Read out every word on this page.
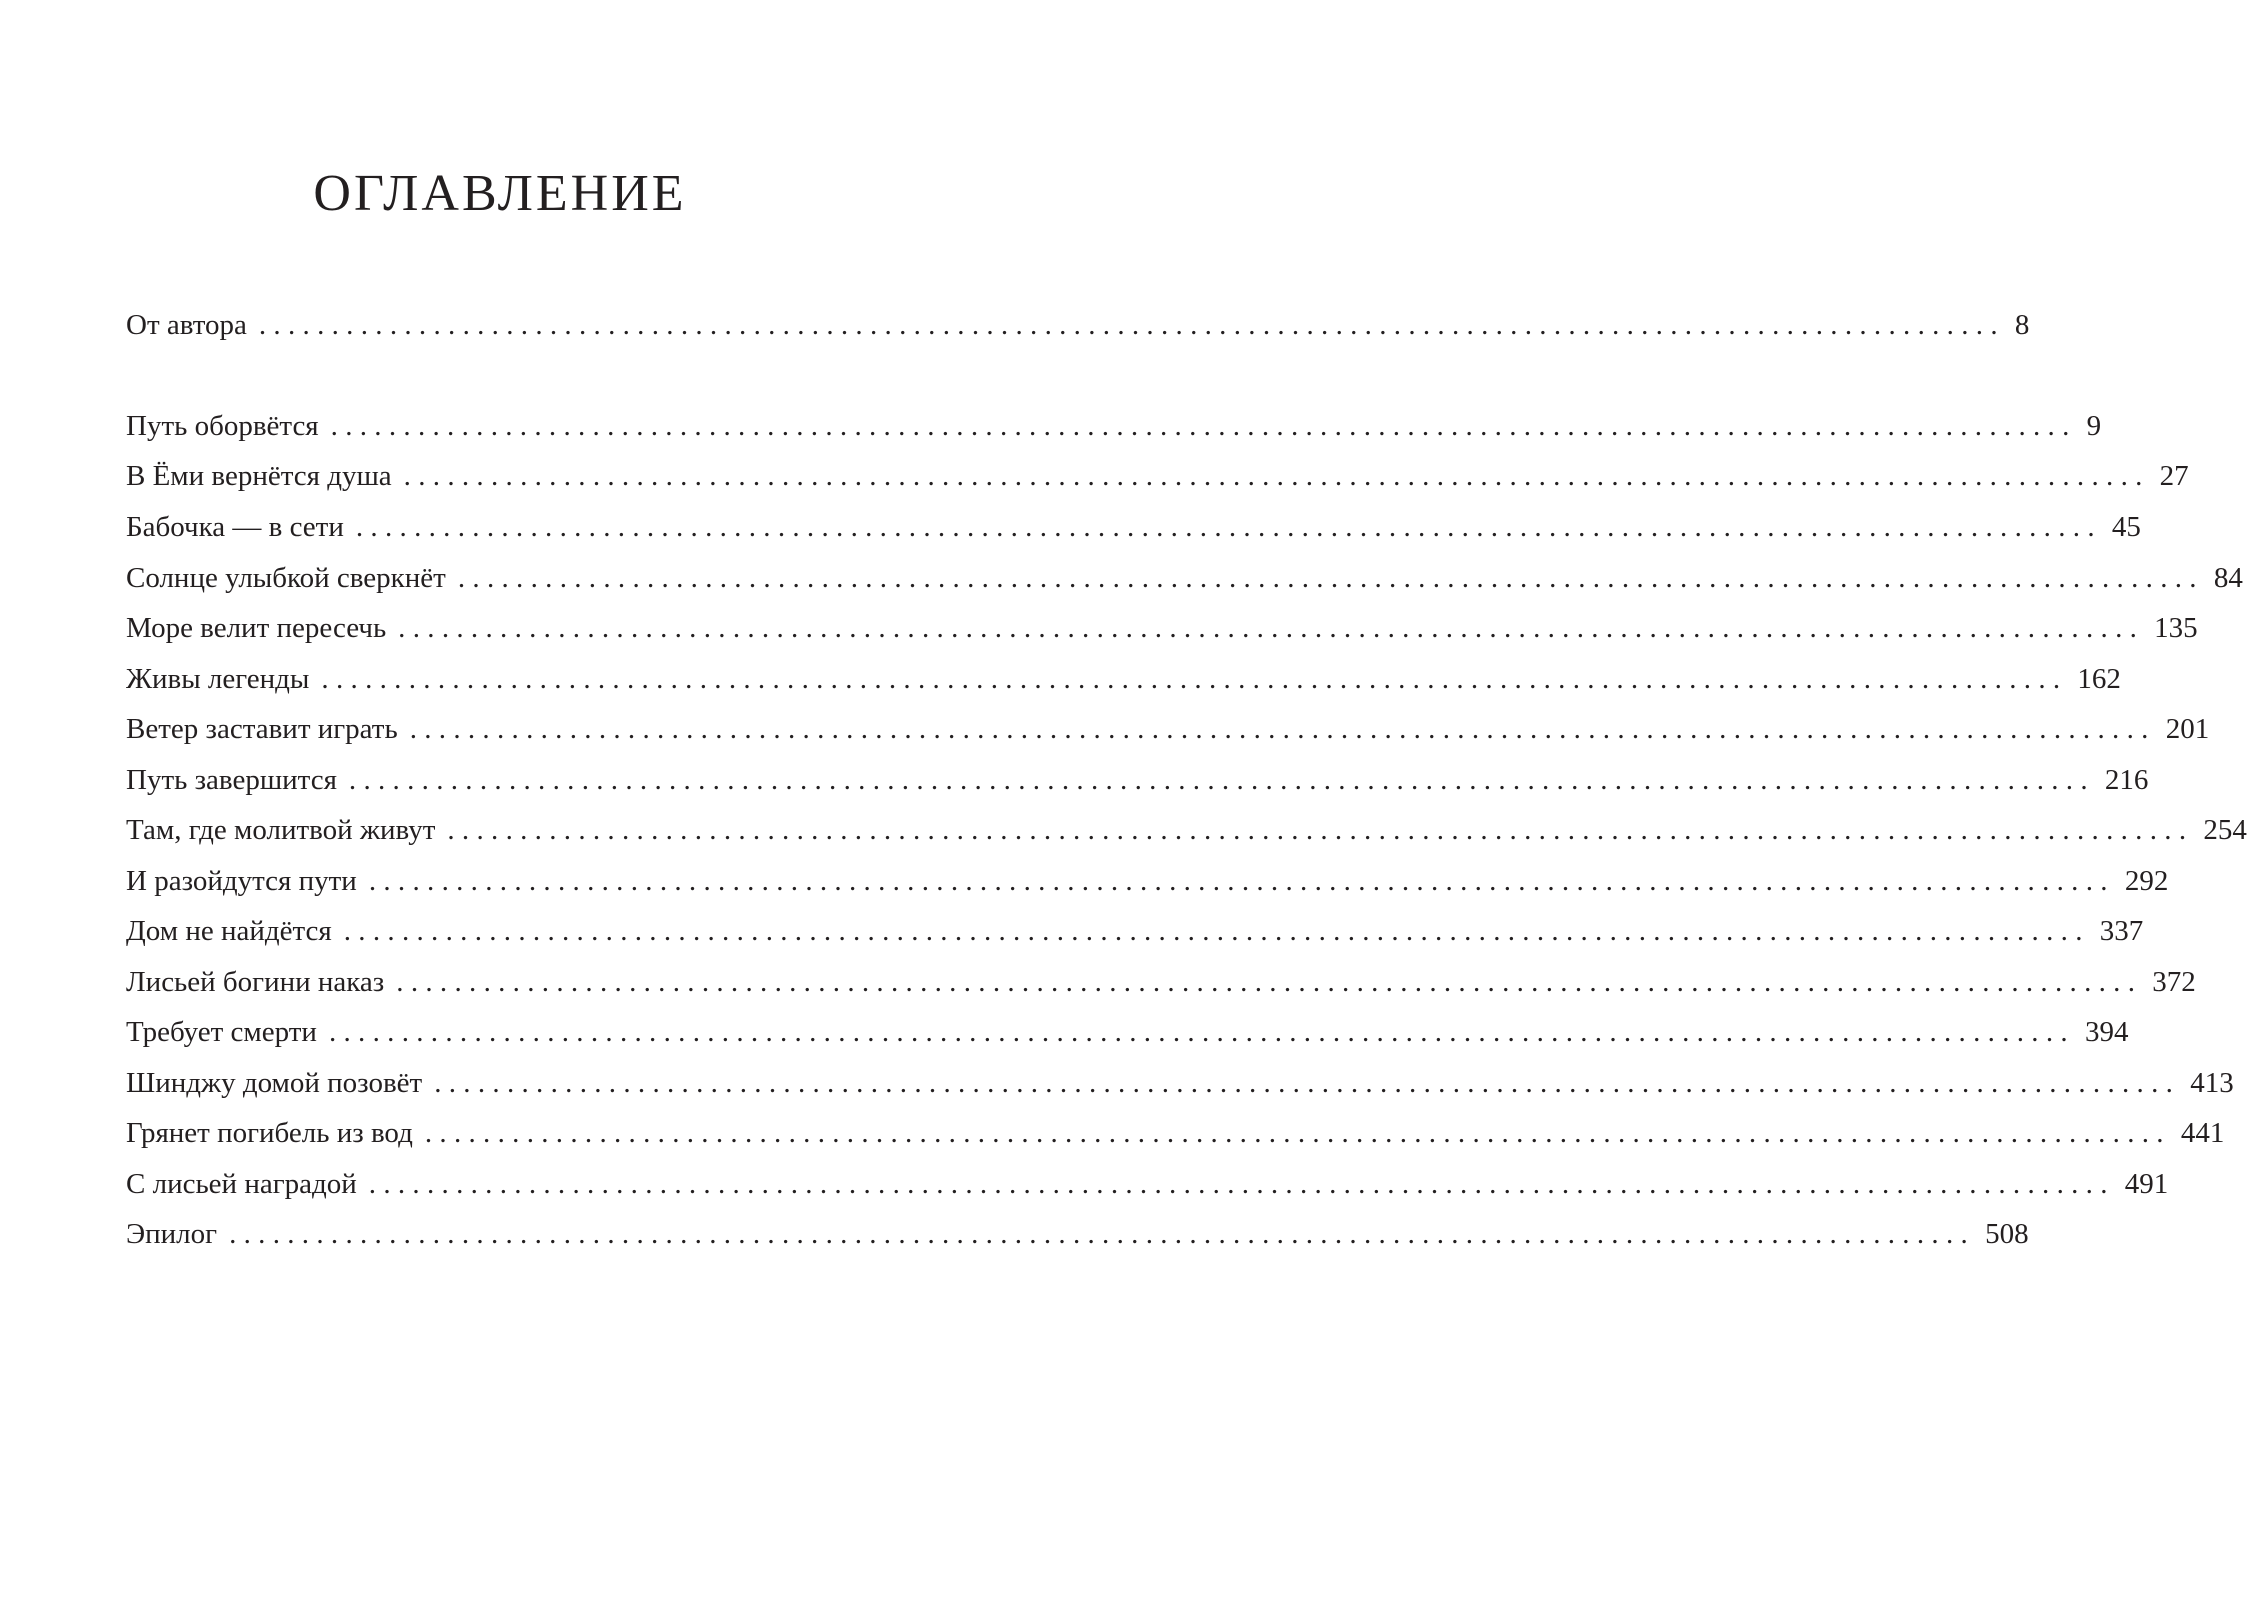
ОГЛАВЛЕНИЕ
От автора ........................................................................................................................ 8
Путь оборвётся ........................................................................................................................ 9
В Ёми вернётся душа ........................................................................................................................ 27
Бабочка — в сети ........................................................................................................................ 45
Солнце улыбкой сверкнёт ........................................................................................................................ 84
Море велит пересечь ........................................................................................................................ 135
Живы легенды ........................................................................................................................ 162
Ветер заставит играть ........................................................................................................................ 201
Путь завершится ........................................................................................................................ 216
Там, где молитвой живут ........................................................................................................................ 254
И разойдутся пути ........................................................................................................................ 292
Дом не найдётся ........................................................................................................................ 337
Лисьей богини наказ ........................................................................................................................ 372
Требует смерти ........................................................................................................................ 394
Шинджу домой позовёт ........................................................................................................................ 413
Грянет погибель из вод ........................................................................................................................ 441
С лисьей наградой ........................................................................................................................ 491
Эпилог ........................................................................................................................ 508
